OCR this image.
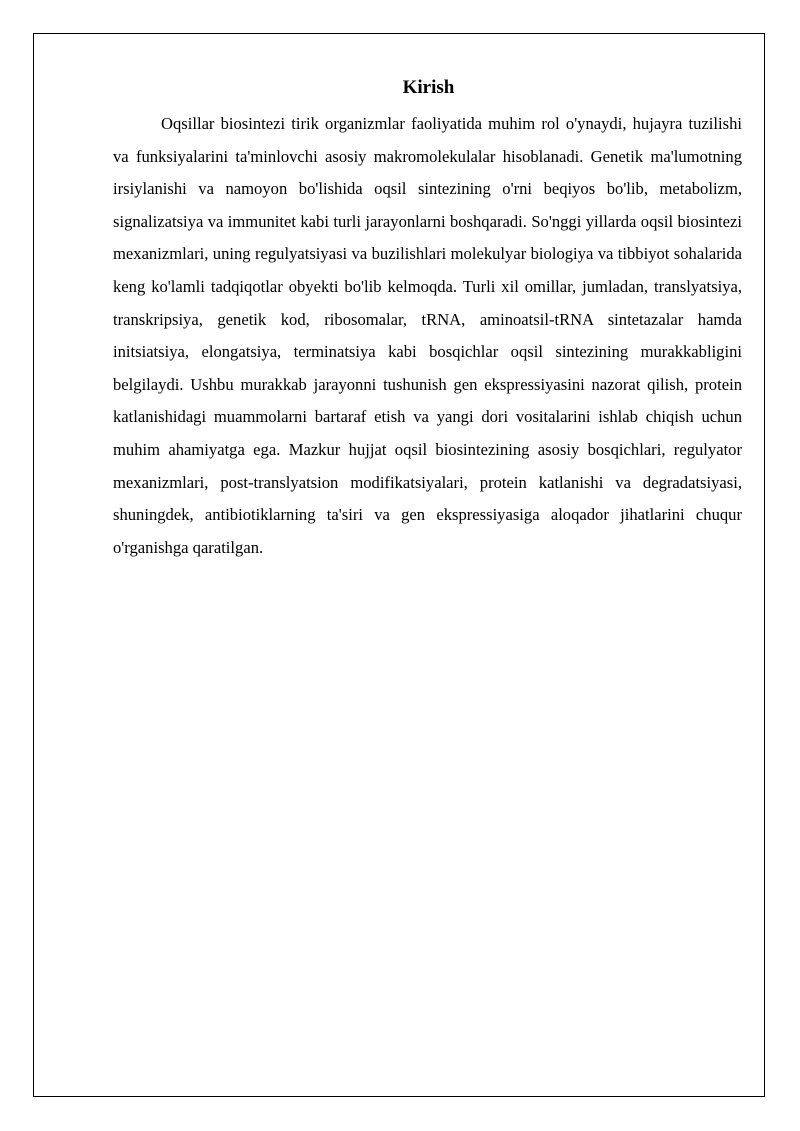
Kirish

Oqsillar biosintezi tirik organizmlar faoliyatida muhim rol o'ynaydi, hujayra tuzilishi va funksiyalarini ta'minlovchi asosiy makromolekulalar hisoblanadi. Genetik ma'lumotning irsiylanishi va namoyon bo'lishida oqsil sintezining o'rni beqiyos bo'lib, metabolizm, signalizatsiya va immunitet kabi turli jarayonlarni boshqaradi. So'nggi yillarda oqsil biosintezi mexanizmlari, uning regulyatsiyasi va buzilishlari molekulyar biologiya va tibbiyot sohalarida keng ko'lamli tadqiqotlar obyekti bo'lib kelmoqda. Turli xil omillar, jumladan, translyatsiya, transkripsiya, genetik kod, ribosomalar, tRNA, aminoatsil-tRNA sintetazalar hamda initsiatsiya, elongatsiya, terminatsiya kabi bosqichlar oqsil sintezining murakkabligini belgilaydi. Ushbu murakkab jarayonni tushunish gen ekspressiyasini nazorat qilish, protein katlanishidagi muammolarni bartaraf etish va yangi dori vositalarini ishlab chiqish uchun muhim ahamiyatga ega. Mazkur hujjat oqsil biosintezining asosiy bosqichlari, regulyator mexanizmlari, post-translyatsion modifikatsiyalari, protein katlanishi va degradatsiyasi, shuningdek, antibiotiklarning ta'siri va gen ekspressiyasiga aloqador jihatlarini chuqur o'rganishga qaratilgan.
